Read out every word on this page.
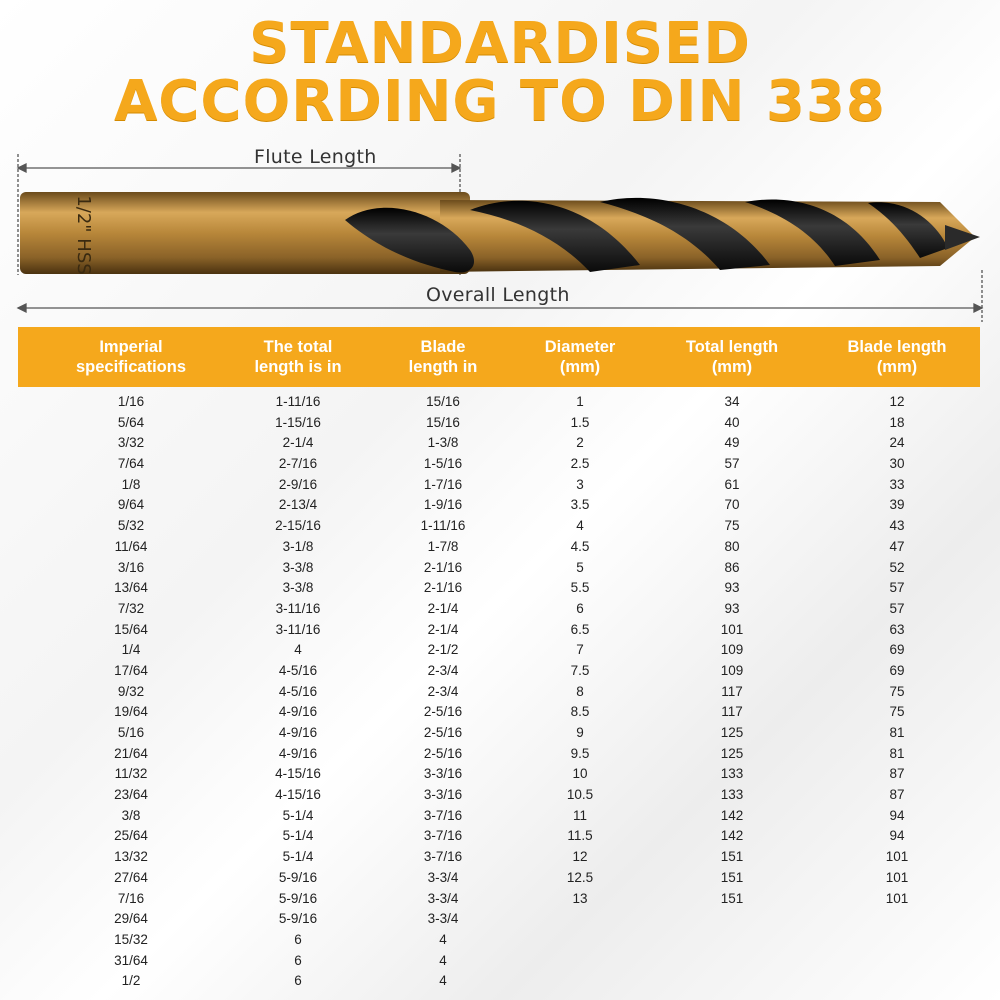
STANDARDISED
ACCORDING TO DIN 338
Flute Length
Overall Length
1/2" HSS
Imperial
specifications
The total
length is in
Blade
length in
Diameter
(mm)
Total length
(mm)
Blade length
(mm)
1/16	1-11/16	15/16	1	34	12
5/64	1-15/16	15/16	1.5	40	18
3/32	2-1/4	1-3/8	2	49	24
7/64	2-7/16	1-5/16	2.5	57	30
1/8	2-9/16	1-7/16	3	61	33
9/64	2-13/4	1-9/16	3.5	70	39
5/32	2-15/16	1-11/16	4	75	43
11/64	3-1/8	1-7/8	4.5	80	47
3/16	3-3/8	2-1/16	5	86	52
13/64	3-3/8	2-1/16	5.5	93	57
7/32	3-11/16	2-1/4	6	93	57
15/64	3-11/16	2-1/4	6.5	101	63
1/4	4	2-1/2	7	109	69
17/64	4-5/16	2-3/4	7.5	109	69
9/32	4-5/16	2-3/4	8	117	75
19/64	4-9/16	2-5/16	8.5	117	75
5/16	4-9/16	2-5/16	9	125	81
21/64	4-9/16	2-5/16	9.5	125	81
11/32	4-15/16	3-3/16	10	133	87
23/64	4-15/16	3-3/16	10.5	133	87
3/8	5-1/4	3-7/16	11	142	94
25/64	5-1/4	3-7/16	11.5	142	94
13/32	5-1/4	3-7/16	12	151	101
27/64	5-9/16	3-3/4	12.5	151	101
7/16	5-9/16	3-3/4	13	151	101
29/64	5-9/16	3-3/4
15/32	6	4
31/64	6	4
1/2	6	4
